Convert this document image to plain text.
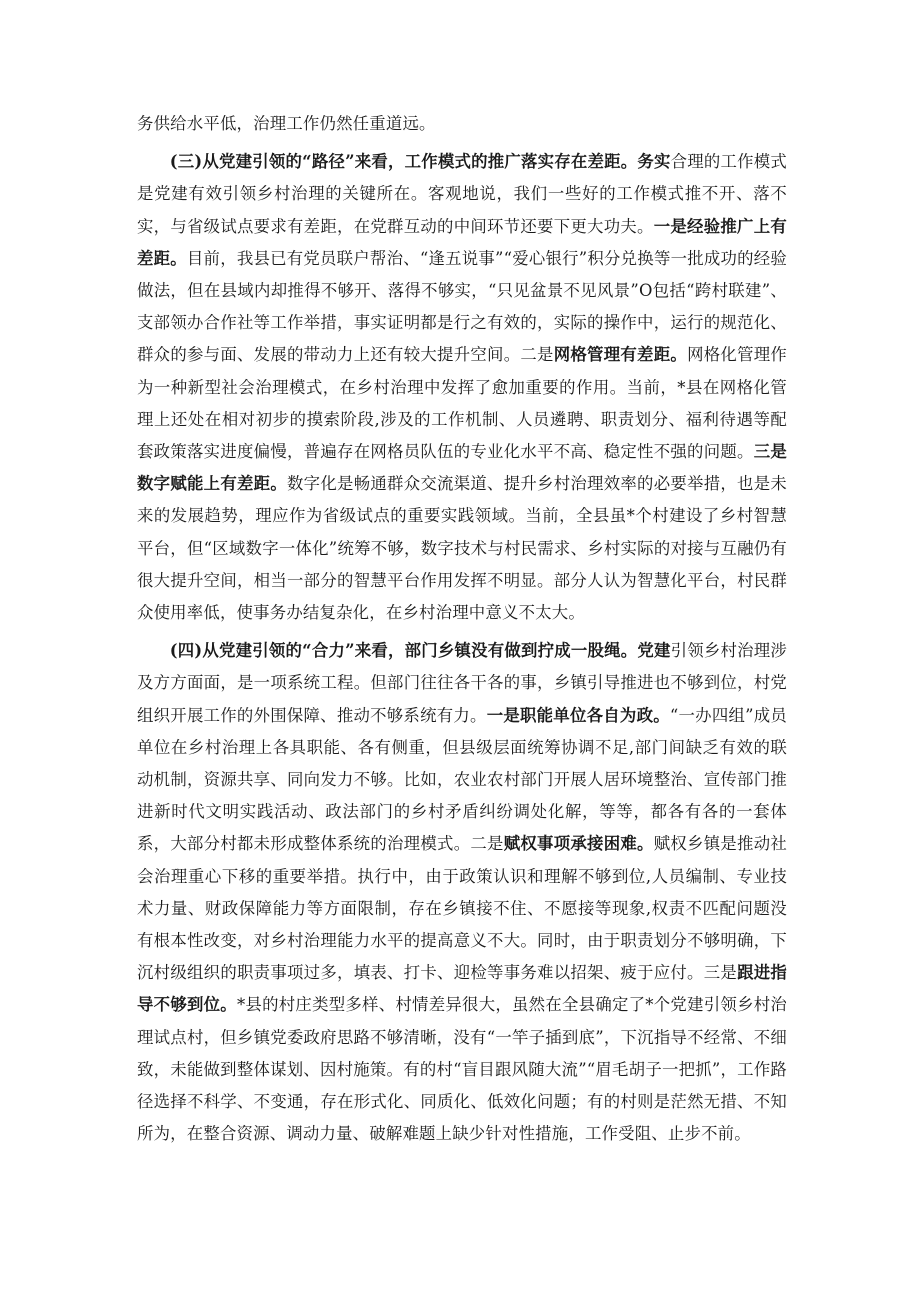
务供给水平低，治理工作仍然任重道远。

(三)从党建引领的“路径”来看，工作模式的推广落实存在差距。务实合理的工作模式是党建有效引领乡村治理的关键所在。客观地说，我们一些好的工作模式推不开、落不实，与省级试点要求有差距，在党群互动的中间环节还要下更大功夫。一是经验推广上有差距。目前，我县已有党员联户帮治、“逢五说事”“爱心银行”积分兑换等一批成功的经验做法，但在县域内却推得不够开、落得不够实，“只见盆景不见风景”O包括“跨村联建”、支部领办合作社等工作举措，事实证明都是行之有效的，实际的操作中，运行的规范化、群众的参与面、发展的带动力上还有较大提升空间。二是网格管理有差距。网格化管理作为一种新型社会治理模式，在乡村治理中发挥了愈加重要的作用。当前，*县在网格化管理上还处在相对初步的摸索阶段,涉及的工作机制、人员遴聘、职责划分、福利待遇等配套政策落实进度偏慢，普遍存在网格员队伍的专业化水平不高、稳定性不强的问题。三是数字赋能上有差距。数字化是畅通群众交流渠道、提升乡村治理效率的必要举措，也是未来的发展趋势，理应作为省级试点的重要实践领域。当前，全县虽*个村建设了乡村智慧平台，但“区域数字一体化”统筹不够，数字技术与村民需求、乡村实际的对接与互融仍有很大提升空间，相当一部分的智慧平台作用发挥不明显。部分人认为智慧化平台，村民群众使用率低，使事务办结复杂化，在乡村治理中意义不太大。

(四)从党建引领的“合力”来看，部门乡镇没有做到拧成一股绳。党建引领乡村治理涉及方方面面，是一项系统工程。但部门往往各干各的事，乡镇引导推进也不够到位，村党组织开展工作的外围保障、推动不够系统有力。一是职能单位各自为政。“一办四组”成员单位在乡村治理上各具职能、各有侧重，但县级层面统筹协调不足,部门间缺乏有效的联动机制，资源共享、同向发力不够。比如，农业农村部门开展人居环境整治、宣传部门推进新时代文明实践活动、政法部门的乡村矛盾纠纷调处化解，等等，都各有各的一套体系，大部分村都未形成整体系统的治理模式。二是赋权事项承接困难。赋权乡镇是推动社会治理重心下移的重要举措。执行中，由于政策认识和理解不够到位,人员编制、专业技术力量、财政保障能力等方面限制，存在乡镇接不住、不愿接等现象,权责不匹配问题没有根本性改变，对乡村治理能力水平的提高意义不大。同时，由于职责划分不够明确，下沉村级组织的职责事项过多，填表、打卡、迎检等事务难以招架、疲于应付。三是跟进指导不够到位。*县的村庄类型多样、村情差异很大，虽然在全县确定了*个党建引领乡村治理试点村，但乡镇党委政府思路不够清晰，没有“一竿子插到底”，下沉指导不经常、不细致，未能做到整体谋划、因村施策。有的村“盲目跟风随大流”“眉毛胡子一把抓”，工作路径选择不科学、不变通，存在形式化、同质化、低效化问题；有的村则是茫然无措、不知所为，在整合资源、调动力量、破解难题上缺少针对性措施，工作受阻、止步不前。
